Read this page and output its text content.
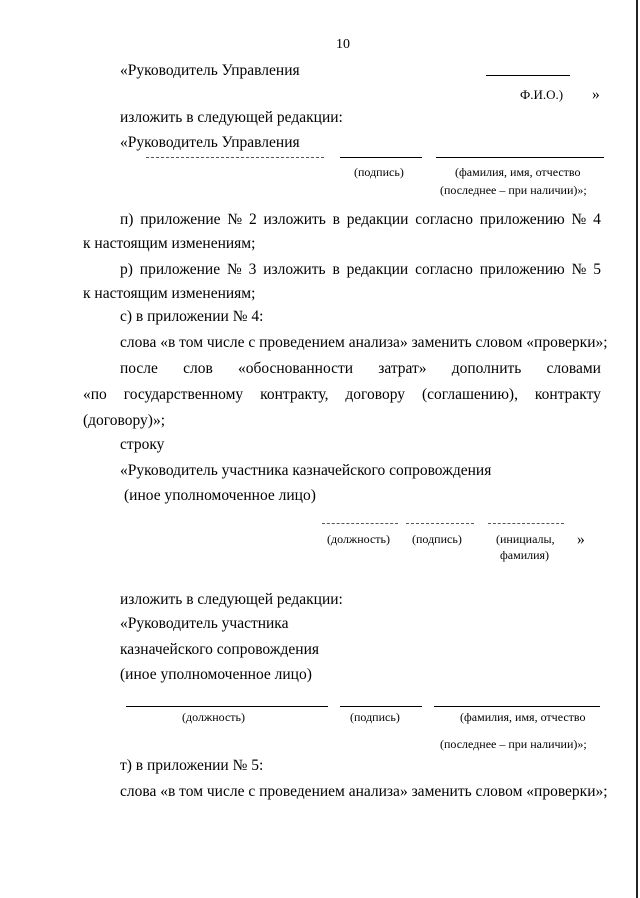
10
«Руководитель Управления
Ф.И.О.) »
изложить в следующей редакции:
«Руководитель Управления
(подпись)	(фамилия, имя, отчество
(последнее – при наличии)»;
п) приложение № 2 изложить в редакции согласно приложению № 4
к настоящим изменениям;
р) приложение № 3 изложить в редакции согласно приложению № 5
к настоящим изменениям;
с) в приложении № 4:
слова «в том числе с проведением анализа» заменить словом «проверки»;
после слов «обоснованности затрат» дополнить словами
«по государственному контракту, договору (соглашению), контракту
(договору)»;
строку
«Руководитель участника казначейского сопровождения
(иное уполномоченное лицо)
(должность) (подпись)	(инициалы,
фамилия)
»
изложить в следующей редакции:
«Руководитель участника
казначейского сопровождения
(иное уполномоченное лицо)
(должность)	(подпись)	(фамилия, имя, отчество
(последнее – при наличии)»;
т) в приложении № 5:
слова «в том числе с проведением анализа» заменить словом «проверки»;
